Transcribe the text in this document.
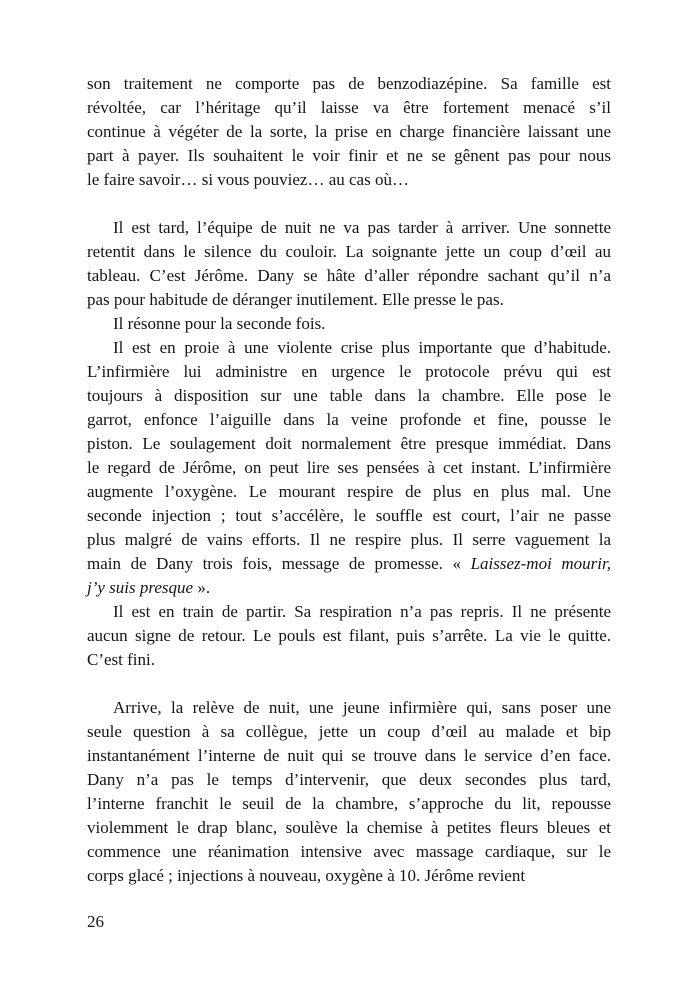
son traitement ne comporte pas de benzodiazépine. Sa famille est
révoltée, car l’héritage qu’il laisse va être fortement menacé s’il
continue à végéter de la sorte, la prise en charge financière laissant une
part à payer. Ils souhaitent le voir finir et ne se gênent pas pour nous
le faire savoir… si vous pouviez… au cas où…
Il est tard, l’équipe de nuit ne va pas tarder à arriver. Une sonnette
retentit dans le silence du couloir. La soignante jette un coup d’œil au
tableau. C’est Jérôme. Dany se hâte d’aller répondre sachant qu’il n’a
pas pour habitude de déranger inutilement. Elle presse le pas.
Il résonne pour la seconde fois.
Il est en proie à une violente crise plus importante que d’habitude.
L’infirmière lui administre en urgence le protocole prévu qui est
toujours à disposition sur une table dans la chambre. Elle pose le
garrot, enfonce l’aiguille dans la veine profonde et fine, pousse le
piston. Le soulagement doit normalement être presque immédiat. Dans
le regard de Jérôme, on peut lire ses pensées à cet instant. L’infirmière
augmente l’oxygène. Le mourant respire de plus en plus mal. Une
seconde injection ; tout s’accélère, le souffle est court, l’air ne passe
plus malgré de vains efforts. Il ne respire plus. Il serre vaguement la
main de Dany trois fois, message de promesse. « Laissez-moi mourir,
j’y suis presque ».
Il est en train de partir. Sa respiration n’a pas repris. Il ne présente
aucun signe de retour. Le pouls est filant, puis s’arrête. La vie le quitte.
C’est fini.
Arrive, la relève de nuit, une jeune infirmière qui, sans poser une
seule question à sa collègue, jette un coup d’œil au malade et bip
instantanément l’interne de nuit qui se trouve dans le service d’en face.
Dany n’a pas le temps d’intervenir, que deux secondes plus tard,
l’interne franchit le seuil de la chambre, s’approche du lit, repousse
violemment le drap blanc, soulève la chemise à petites fleurs bleues et
commence une réanimation intensive avec massage cardiaque, sur le
corps glacé ; injections à nouveau, oxygène à 10. Jérôme revient
26
